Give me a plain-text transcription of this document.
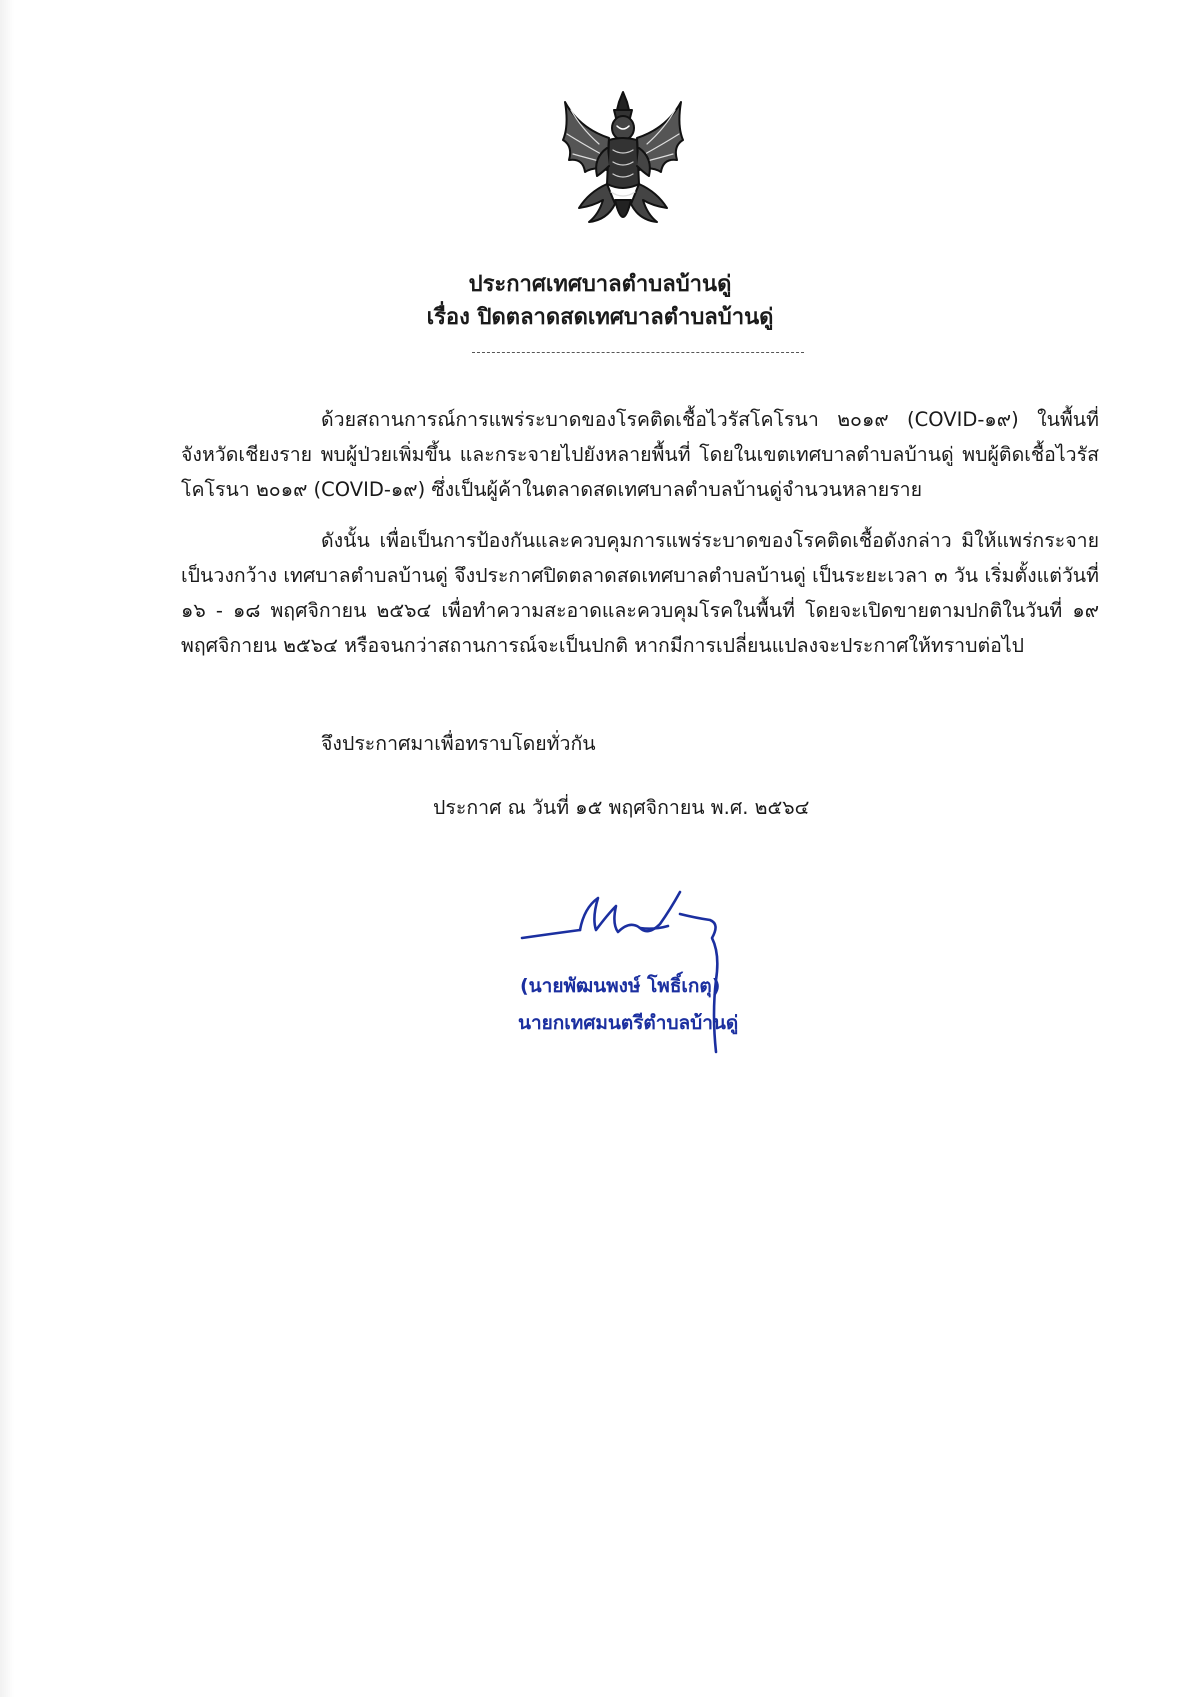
ประกาศเทศบาลตำบลบ้านดู่
เรื่อง ปิดตลาดสดเทศบาลตำบลบ้านดู่
ด้วยสถานการณ์การแพร่ระบาดของโรคติดเชื้อไวรัสโคโรนา ๒๐๑๙ (COVID-๑๙) ในพื้นที่จังหวัดเชียงราย พบผู้ป่วยเพิ่มขึ้น และกระจายไปยังหลายพื้นที่ โดยในเขตเทศบาลตำบลบ้านดู่ พบผู้ติดเชื้อไวรัสโคโรนา ๒๐๑๙ (COVID-๑๙) ซึ่งเป็นผู้ค้าในตลาดสดเทศบาลตำบลบ้านดู่จำนวนหลายราย
ดังนั้น เพื่อเป็นการป้องกันและควบคุมการแพร่ระบาดของโรคติดเชื้อดังกล่าว มิให้แพร่กระจายเป็นวงกว้าง เทศบาลตำบลบ้านดู่ จึงประกาศปิดตลาดสดเทศบาลตำบลบ้านดู่ เป็นระยะเวลา ๓ วัน เริ่มตั้งแต่วันที่ ๑๖ - ๑๘ พฤศจิกายน ๒๕๖๔ เพื่อทำความสะอาดและควบคุมโรคในพื้นที่ โดยจะเปิดขายตามปกติในวันที่ ๑๙ พฤศจิกายน ๒๕๖๔ หรือจนกว่าสถานการณ์จะเป็นปกติ หากมีการเปลี่ยนแปลงจะประกาศให้ทราบต่อไป
จึงประกาศมาเพื่อทราบโดยทั่วกัน
ประกาศ ณ วันที่ ๑๕ พฤศจิกายน พ.ศ. ๒๕๖๔
(นายพัฒนพงษ์ โพธิ์เกตุ)
นายกเทศมนตรีตำบลบ้านดู่
